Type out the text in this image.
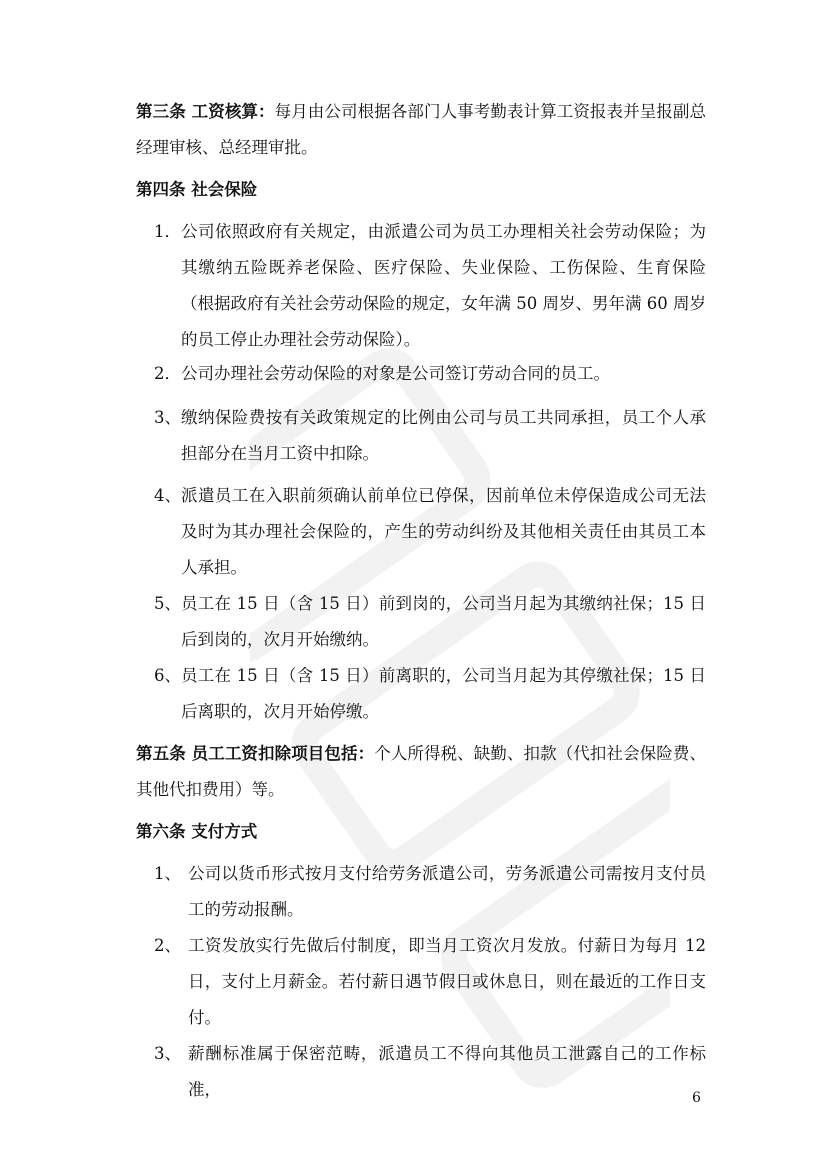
第三条 工资核算：每月由公司根据各部门人事考勤表计算工资报表并呈报副总经理审核、总经理审批。

第四条 社会保险

1． 公司依照政府有关规定，由派遣公司为员工办理相关社会劳动保险；为其缴纳五险既养老保险、医疗保险、失业保险、工伤保险、生育保险（根据政府有关社会劳动保险的规定，女年满 50 周岁、男年满 60 周岁的员工停止办理社会劳动保险）。
2． 公司办理社会劳动保险的对象是公司签订劳动合同的员工。
3、 缴纳保险费按有关政策规定的比例由公司与员工共同承担，员工个人承担部分在当月工资中扣除。
4、 派遣员工在入职前须确认前单位已停保，因前单位未停保造成公司无法及时为其办理社会保险的，产生的劳动纠纷及其他相关责任由其员工本人承担。
5、 员工在 15 日（含 15 日）前到岗的，公司当月起为其缴纳社保；15 日后到岗的，次月开始缴纳。
6、 员工在 15 日（含 15 日）前离职的，公司当月起为其停缴社保；15 日后离职的，次月开始停缴。

第五条 员工工资扣除项目包括：个人所得税、缺勤、扣款（代扣社会保险费、其他代扣费用）等。

第六条 支付方式

1、 公司以货币形式按月支付给劳务派遣公司，劳务派遣公司需按月支付员工的劳动报酬。
2、 工资发放实行先做后付制度，即当月工资次月发放。付薪日为每月 12 日，支付上月薪金。若付薪日遇节假日或休息日，则在最近的工作日支付。
3、 薪酬标准属于保密范畴，派遣员工不得向其他员工泄露自己的工作标准，	6
